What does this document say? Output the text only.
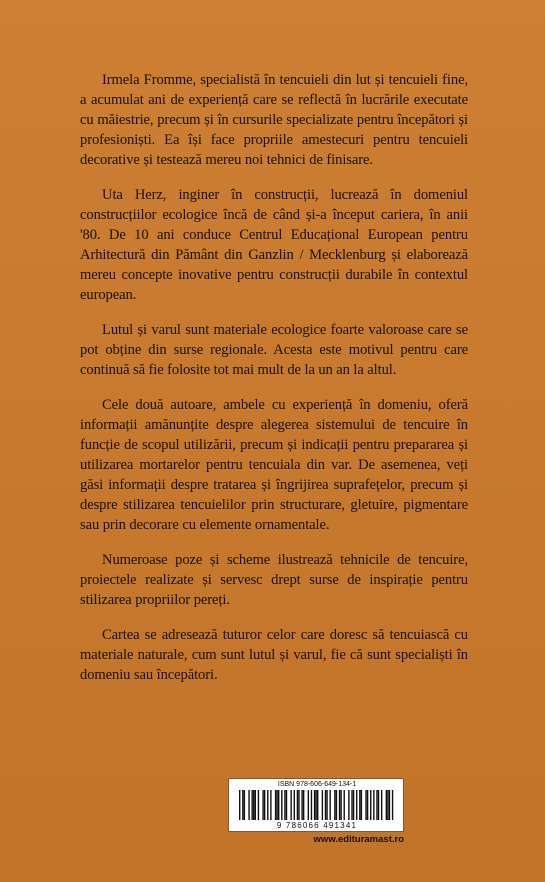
Irmela Fromme, specialistă în tencuieli din lut și tencuieli fine, a acumulat ani de experiență care se reflectă în lucrările executate cu măiestrie, precum și în cursurile specializate pentru începători și profesioniști. Ea își face propriile amestecuri pentru tencuieli decorative și testează mereu noi tehnici de finisare.

Uta Herz, inginer în construcții, lucrează în domeniul construcțiilor ecologice încă de când și-a început cariera, în anii '80. De 10 ani conduce Centrul Educațional European pentru Arhitectură din Pământ din Ganzlin / Mecklenburg și elaborează mereu concepte inovative pentru construcții durabile în contextul european.

Lutul și varul sunt materiale ecologice foarte valoroase care se pot obține din surse regionale. Acesta este motivul pentru care continuă să fie folosite tot mai mult de la un an la altul.

Cele două autoare, ambele cu experiență în domeniu, oferă informații amănunțite despre alegerea sistemului de tencuire în funcție de scopul utilizării, precum și indicații pentru prepararea și utilizarea mortarelor pentru tencuiala din var. De asemenea, veți găsi informații despre tratarea și îngrijirea suprafețelor, precum și despre stilizarea tencuielilor prin structurare, gletuire, pigmentare sau prin decorare cu elemente ornamentale.

Numeroase poze și scheme ilustrează tehnicile de tencuire, proiectele realizate și servesc drept surse de inspirație pentru stilizarea propriilor pereți.

Cartea se adresează tuturor celor care doresc să tencuiască cu materiale naturale, cum sunt lutul și varul, fie că sunt specialiști în domeniu sau începători.

ISBN 978-606-649-134-1
9 786066 491341
www.edituramast.ro
